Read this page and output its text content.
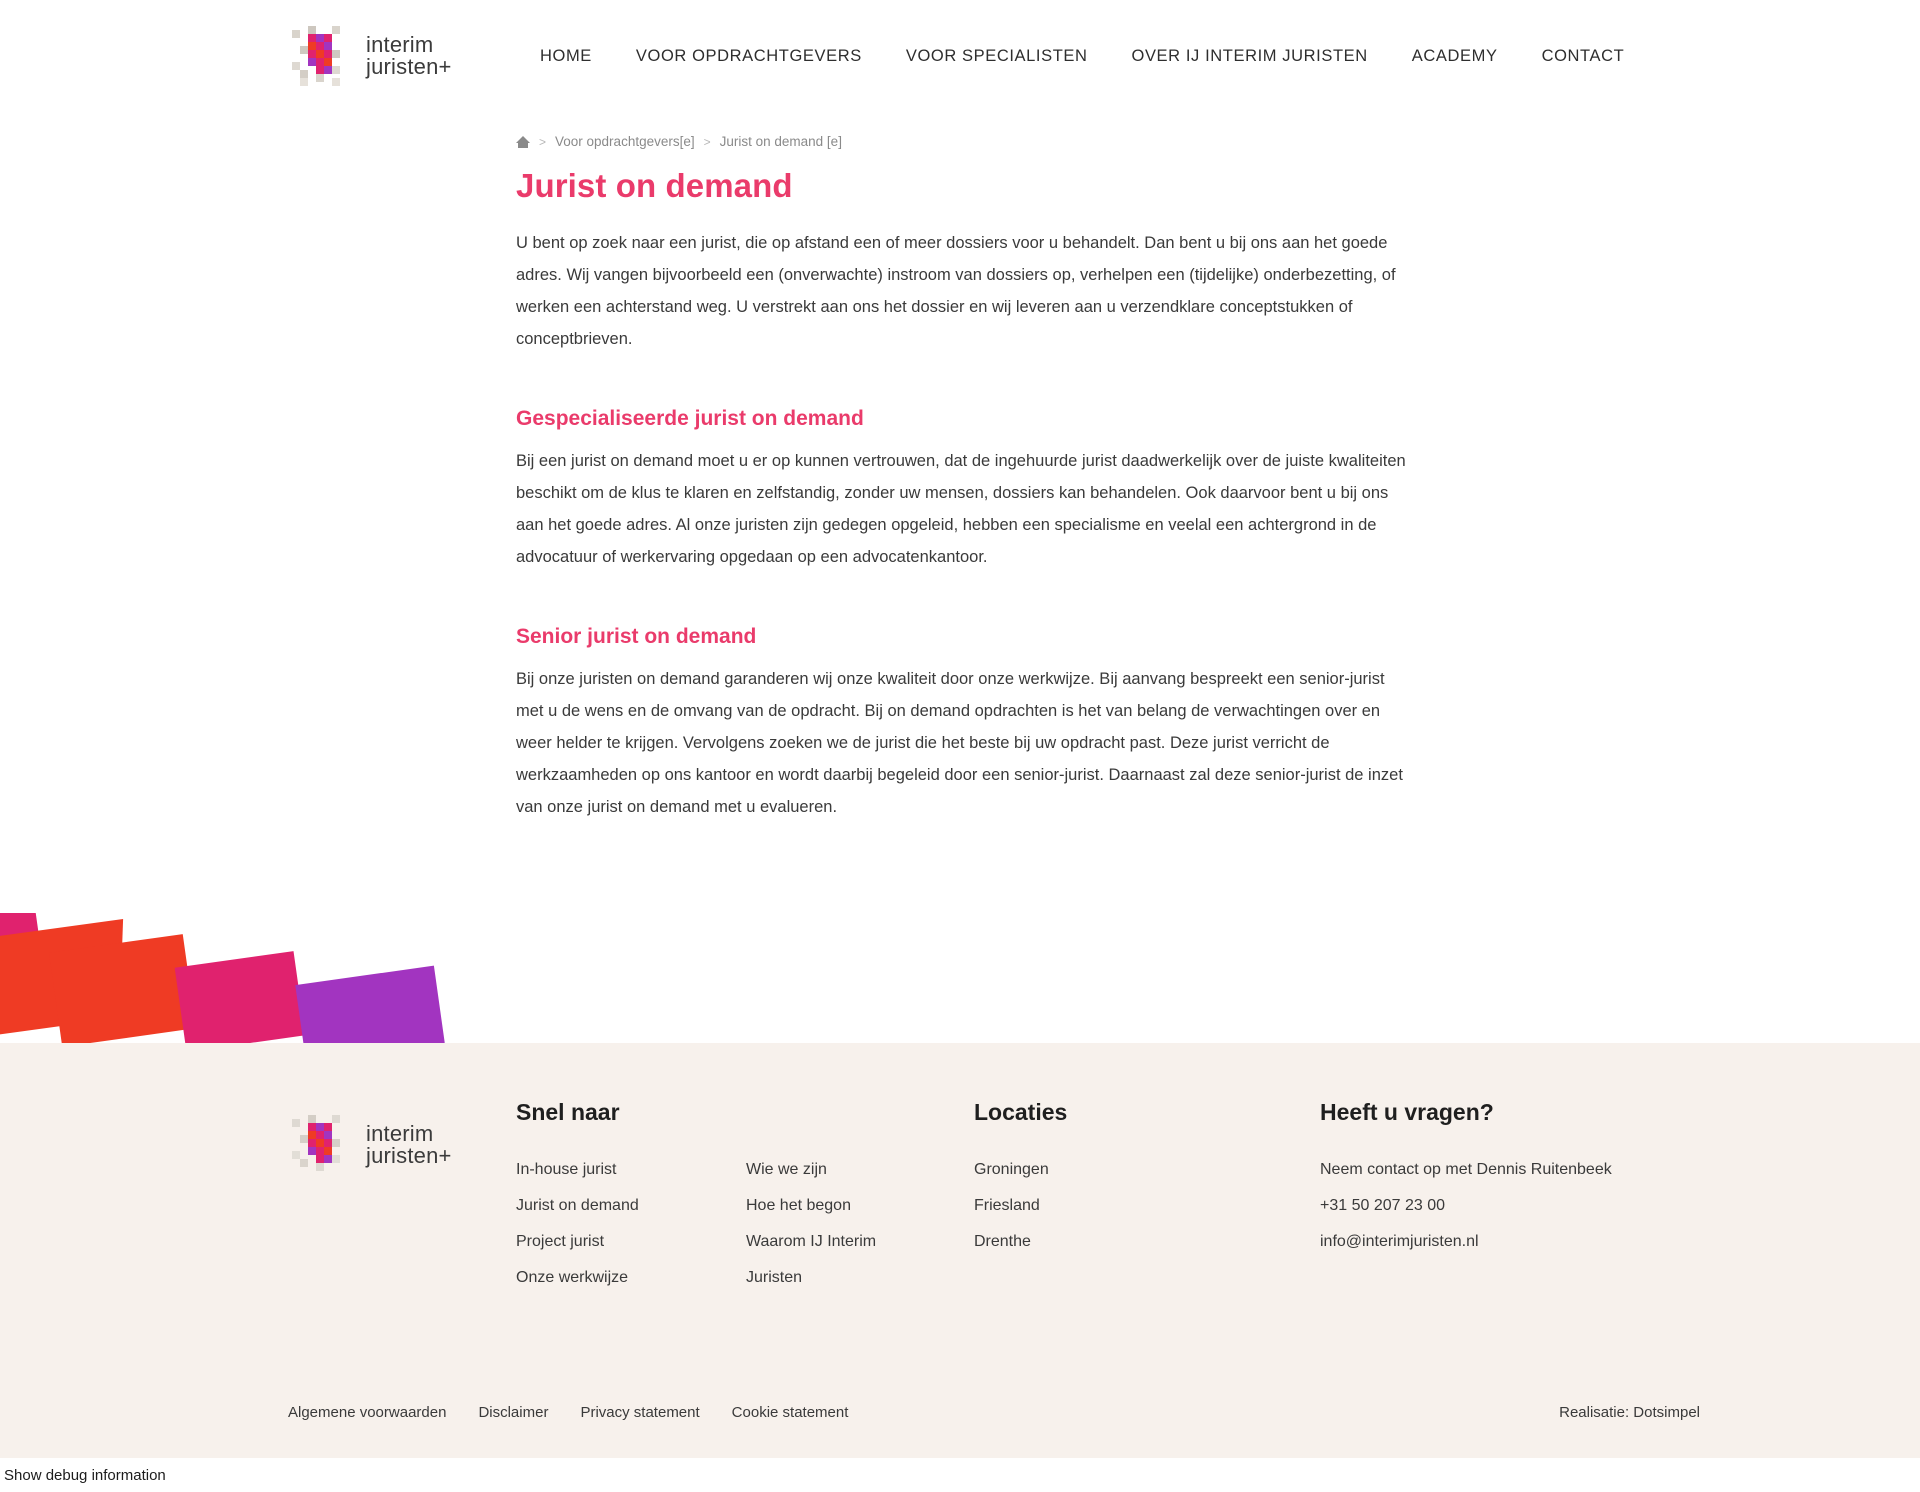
interim
juristen+	HOME	VOOR OPDRACHTGEVERS	VOOR SPECIALISTEN	OVER IJ INTERIM JURISTEN	ACADEMY	CONTACT
> Voor opdrachtgevers[e] > Jurist on demand [e]
Jurist on demand

U bent op zoek naar een jurist, die op afstand een of meer dossiers voor u behandelt. Dan bent u bij ons aan het goede adres. Wij vangen bijvoorbeeld een (onverwachte) instroom van dossiers op, verhelpen een (tijdelijke) onderbezetting, of werken een achterstand weg. U verstrekt aan ons het dossier en wij leveren aan u verzendklare conceptstukken of conceptbrieven.

Gespecialiseerde jurist on demand

Bij een jurist on demand moet u er op kunnen vertrouwen, dat de ingehuurde jurist daadwerkelijk over de juiste kwaliteiten beschikt om de klus te klaren en zelfstandig, zonder uw mensen, dossiers kan behandelen. Ook daarvoor bent u bij ons aan het goede adres. Al onze juristen zijn gedegen opgeleid, hebben een specialisme en veelal een achtergrond in de advocatuur of werkervaring opgedaan op een advocatenkantoor.

Senior jurist on demand

Bij onze juristen on demand garanderen wij onze kwaliteit door onze werkwijze. Bij aanvang bespreekt een senior-jurist met u de wens en de omvang van de opdracht. Bij on demand opdrachten is het van belang de verwachtingen over en weer helder te krijgen. Vervolgens zoeken we de jurist die het beste bij uw opdracht past. Deze jurist verricht de werkzaamheden op ons kantoor en wordt daarbij begeleid door een senior-jurist. Daarnaast zal deze senior-jurist de inzet van onze jurist on demand met u evalueren.

interim
juristen+
Snel naar
In-house jurist
Jurist on demand
Project jurist
Onze werkwijze
Wie we zijn
Hoe het begon
Waarom IJ Interim
Juristen
Locaties
Groningen
Friesland
Drenthe
Heeft u vragen?
Neem contact op met Dennis Ruitenbeek
+31 50 207 23 00
info@interimjuristen.nl
Algemene voorwaarden Disclaimer Privacy statement Cookie statement	Realisatie: Dotsimpel
Show debug information
